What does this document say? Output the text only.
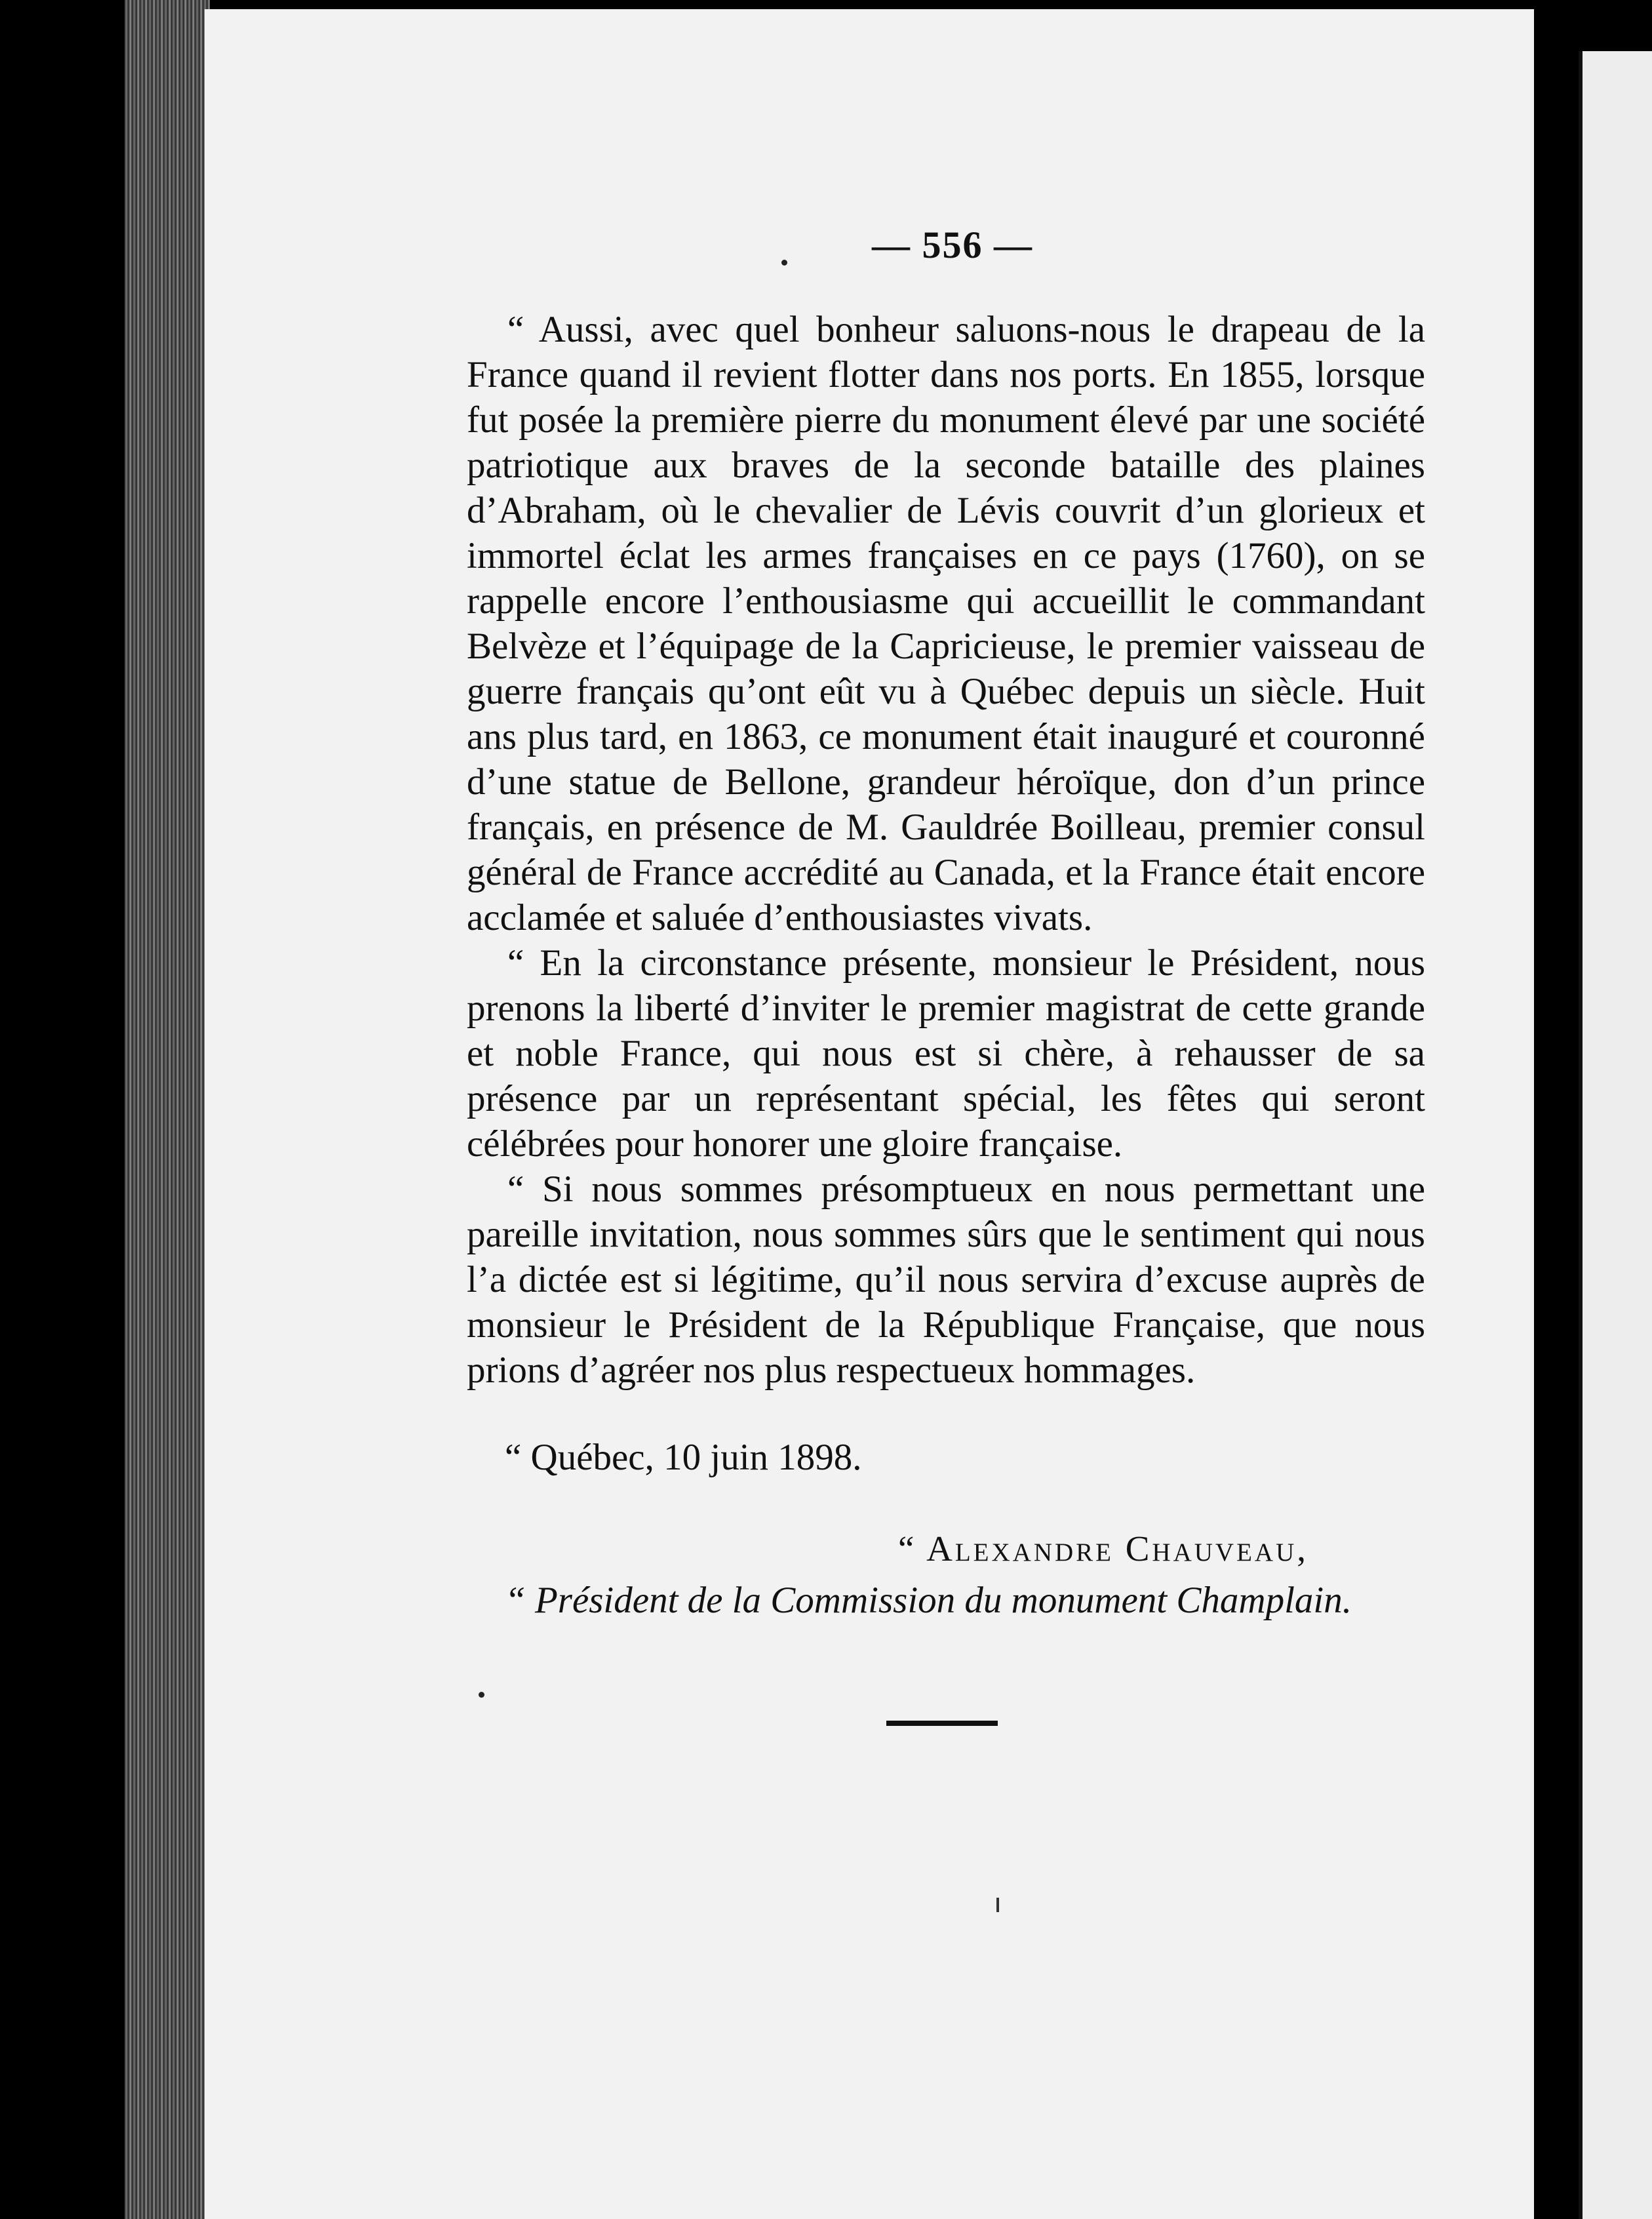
— 556 —

“ Aussi, avec quel bonheur saluons-nous le drapeau de la France quand il revient flotter dans nos ports. En 1855, lorsque fut posée la première pierre du monument élevé par une société patriotique aux braves de la seconde bataille des plaines d’Abraham, où le chevalier de Lévis couvrit d’un glorieux et immortel éclat les armes françaises en ce pays (1760), on se rappelle encore l’enthousiasme qui accueillit le commandant Belvèze et l’équipage de la Capricieuse, le premier vaisseau de guerre français qu’ont eût vu à Québec depuis un siècle. Huit ans plus tard, en 1863, ce monument était inauguré et couronné d’une statue de Bellone, grandeur héroïque, don d’un prince français, en présence de M. Gauldrée Boilleau, premier consul général de France accrédité au Canada, et la France était encore acclamée et saluée d’enthousiastes vivats.

“ En la circonstance présente, monsieur le Président, nous prenons la liberté d’inviter le premier magistrat de cette grande et noble France, qui nous est si chère, à rehausser de sa présence par un représentant spécial, les fêtes qui seront célébrées pour honorer une gloire française.

“ Si nous sommes présomptueux en nous permettant une pareille invitation, nous sommes sûrs que le sentiment qui nous l’a dictée est si légitime, qu’il nous servira d’excuse auprès de monsieur le Président de la République Française, que nous prions d’agréer nos plus respectueux hommages.

“ Québec, 10 juin 1898.
“ Alexandre Chauveau,
“ Président de la Commission du monument Champlain.
